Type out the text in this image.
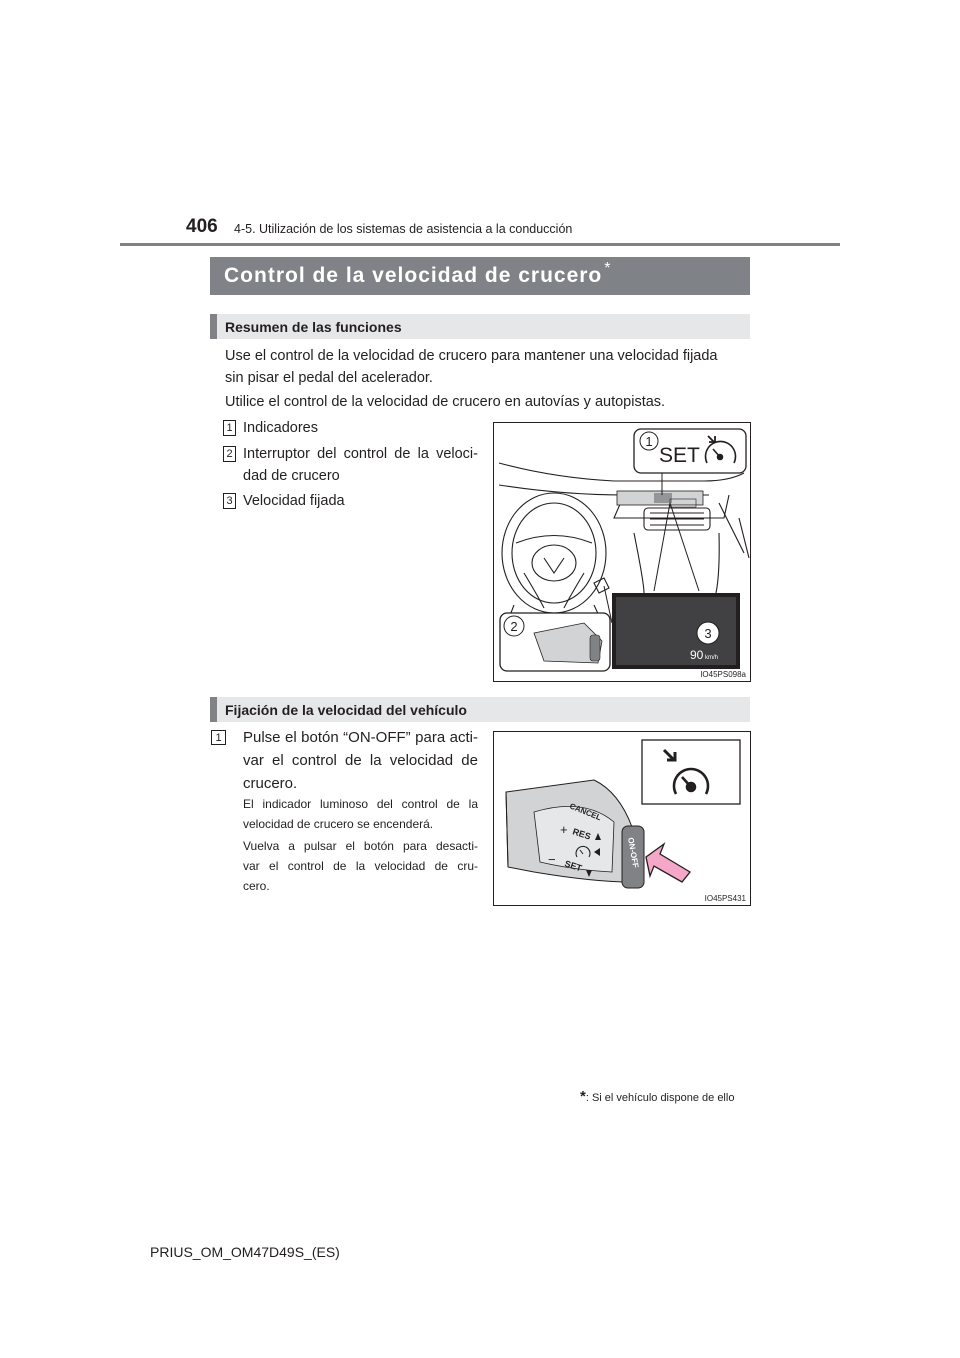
406 4-5. Utilización de los sistemas de asistencia a la conducción
Control de la velocidad de crucero *
Resumen de las funciones
Use el control de la velocidad de crucero para mantener una velocidad fijada
sin pisar el pedal del acelerador.
Utilice el control de la velocidad de crucero en autovías y autopistas.
1 Indicadores
2 Interruptor del control de la veloci-
dad de crucero
3 Velocidad fijada
1
SET
2	3
90 km/h
IO45PS098a
Fijación de la velocidad del vehículo
1 Pulse el botón “ON-OFF” para acti-
var el control de la velocidad de
crucero.
El indicador luminoso del control de la
velocidad de crucero se encenderá.
Vuelva a pulsar el botón para desacti-
var el control de la velocidad de cru-
cero.
CANCEL
+ RES
− SET	ON-OFF
IO45PS431
*: Si el vehículo dispone de ello
PRIUS_OM_OM47D49S_(ES)
